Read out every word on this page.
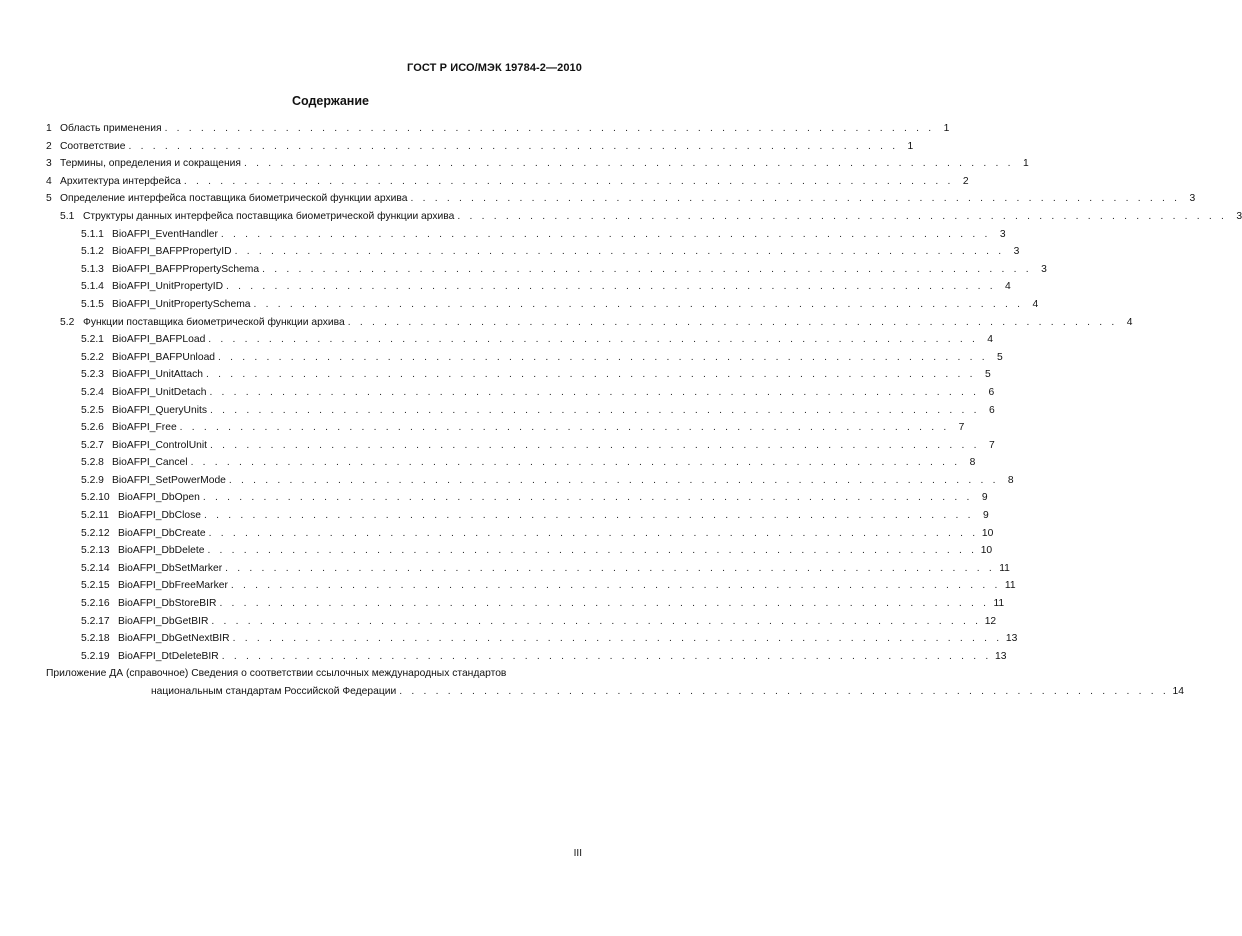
ГОСТ Р ИСО/МЭК 19784-2—2010
Содержание
1 Область применения . . . . . . . . . . . . . . . . . . . . . . . . . . . . . . . . . . . . . . . . . . . . . . . . . . . . . . . . . . . . . . . . 1
2 Соответствие . . . . . . . . . . . . . . . . . . . . . . . . . . . . . . . . . . . . . . . . . . . . . . . . . . . . . . . . . . . . . . . . 1
3 Термины, определения и сокращения . . . . . . . . . . . . . . . . . . . . . . . . . . . . . . . . . . . . . . . . . . . . . . . . . . . . . . . . . . . . . . . . 1
4 Архитектура интерфейса . . . . . . . . . . . . . . . . . . . . . . . . . . . . . . . . . . . . . . . . . . . . . . . . . . . . . . . . . . . . . . . . 2
5 Определение интерфейса поставщика биометрической функции архива . . . . . . . . . . . . . . . . . . . . . . . . . . . . . . . . . . . . . . . . . . . . . . . . . . . . . . . . . . . . . . . . 3
5.1 Структуры данных интерфейса поставщика биометрической функции архива . . . . . . . . . . . . . . . . . . . . . . . . . . . . . . . . . . . . . . . . . . . . . . . . . . . . . . . . . . . . . . . . 3
5.1.1 BioAFPI_EventHandler . . . . . . . . . . . . . . . . . . . . . . . . . . . . . . . . . . . . . . . . . . . . . . . . . . . . . . . . . . . . . . . . 3
5.1.2 BioAFPI_BAFPPropertyID . . . . . . . . . . . . . . . . . . . . . . . . . . . . . . . . . . . . . . . . . . . . . . . . . . . . . . . . . . . . . . . . 3
5.1.3 BioAFPI_BAFPPropertySchema . . . . . . . . . . . . . . . . . . . . . . . . . . . . . . . . . . . . . . . . . . . . . . . . . . . . . . . . . . . . . . . . 3
5.1.4 BioAFPI_UnitPropertyID . . . . . . . . . . . . . . . . . . . . . . . . . . . . . . . . . . . . . . . . . . . . . . . . . . . . . . . . . . . . . . . . 4
5.1.5 BioAFPI_UnitPropertySchema . . . . . . . . . . . . . . . . . . . . . . . . . . . . . . . . . . . . . . . . . . . . . . . . . . . . . . . . . . . . . . . . 4
5.2 Функции поставщика биометрической функции архива . . . . . . . . . . . . . . . . . . . . . . . . . . . . . . . . . . . . . . . . . . . . . . . . . . . . . . . . . . . . . . . . 4
5.2.1 BioAFPI_BAFPLoad . . . . . . . . . . . . . . . . . . . . . . . . . . . . . . . . . . . . . . . . . . . . . . . . . . . . . . . . . . . . . . . . 4
5.2.2 BioAFPI_BAFPUnload . . . . . . . . . . . . . . . . . . . . . . . . . . . . . . . . . . . . . . . . . . . . . . . . . . . . . . . . . . . . . . . . 5
5.2.3 BioAFPI_UnitAttach . . . . . . . . . . . . . . . . . . . . . . . . . . . . . . . . . . . . . . . . . . . . . . . . . . . . . . . . . . . . . . . . 5
5.2.4 BioAFPI_UnitDetach . . . . . . . . . . . . . . . . . . . . . . . . . . . . . . . . . . . . . . . . . . . . . . . . . . . . . . . . . . . . . . . . 6
5.2.5 BioAFPI_QueryUnits . . . . . . . . . . . . . . . . . . . . . . . . . . . . . . . . . . . . . . . . . . . . . . . . . . . . . . . . . . . . . . . . 6
5.2.6 BioAFPI_Free . . . . . . . . . . . . . . . . . . . . . . . . . . . . . . . . . . . . . . . . . . . . . . . . . . . . . . . . . . . . . . . . 7
5.2.7 BioAFPI_ControlUnit . . . . . . . . . . . . . . . . . . . . . . . . . . . . . . . . . . . . . . . . . . . . . . . . . . . . . . . . . . . . . . . . 7
5.2.8 BioAFPI_Cancel . . . . . . . . . . . . . . . . . . . . . . . . . . . . . . . . . . . . . . . . . . . . . . . . . . . . . . . . . . . . . . . . 8
5.2.9 BioAFPI_SetPowerMode . . . . . . . . . . . . . . . . . . . . . . . . . . . . . . . . . . . . . . . . . . . . . . . . . . . . . . . . . . . . . . . . 8
5.2.10 BioAFPI_DbOpen . . . . . . . . . . . . . . . . . . . . . . . . . . . . . . . . . . . . . . . . . . . . . . . . . . . . . . . . . . . . . . . . 9
5.2.11 BioAFPI_DbClose . . . . . . . . . . . . . . . . . . . . . . . . . . . . . . . . . . . . . . . . . . . . . . . . . . . . . . . . . . . . . . . . 9
5.2.12 BioAFPI_DbCreate . . . . . . . . . . . . . . . . . . . . . . . . . . . . . . . . . . . . . . . . . . . . . . . . . . . . . . . . . . . . . . . . 10
5.2.13 BioAFPI_DbDelete . . . . . . . . . . . . . . . . . . . . . . . . . . . . . . . . . . . . . . . . . . . . . . . . . . . . . . . . . . . . . . . . 10
5.2.14 BioAFPI_DbSetMarker . . . . . . . . . . . . . . . . . . . . . . . . . . . . . . . . . . . . . . . . . . . . . . . . . . . . . . . . . . . . . . . . 11
5.2.15 BioAFPI_DbFreeMarker . . . . . . . . . . . . . . . . . . . . . . . . . . . . . . . . . . . . . . . . . . . . . . . . . . . . . . . . . . . . . . . . 11
5.2.16 BioAFPI_DbStoreBIR . . . . . . . . . . . . . . . . . . . . . . . . . . . . . . . . . . . . . . . . . . . . . . . . . . . . . . . . . . . . . . . . 11
5.2.17 BioAFPI_DbGetBIR . . . . . . . . . . . . . . . . . . . . . . . . . . . . . . . . . . . . . . . . . . . . . . . . . . . . . . . . . . . . . . . . 12
5.2.18 BioAFPI_DbGetNextBIR . . . . . . . . . . . . . . . . . . . . . . . . . . . . . . . . . . . . . . . . . . . . . . . . . . . . . . . . . . . . . . . . 13
5.2.19 BioAFPI_DtDeleteBIR . . . . . . . . . . . . . . . . . . . . . . . . . . . . . . . . . . . . . . . . . . . . . . . . . . . . . . . . . . . . . . . . 13
Приложение ДА (справочное) Сведения о соответствии ссылочных международных стандартов
национальным стандартам Российской Федерации . . . . . . . . . . . . . . . . . . . . . . . . . . . . . . . . . . . . . . . . . . . . . . . . . . . . . . . . . . . . . . . . 14
III
